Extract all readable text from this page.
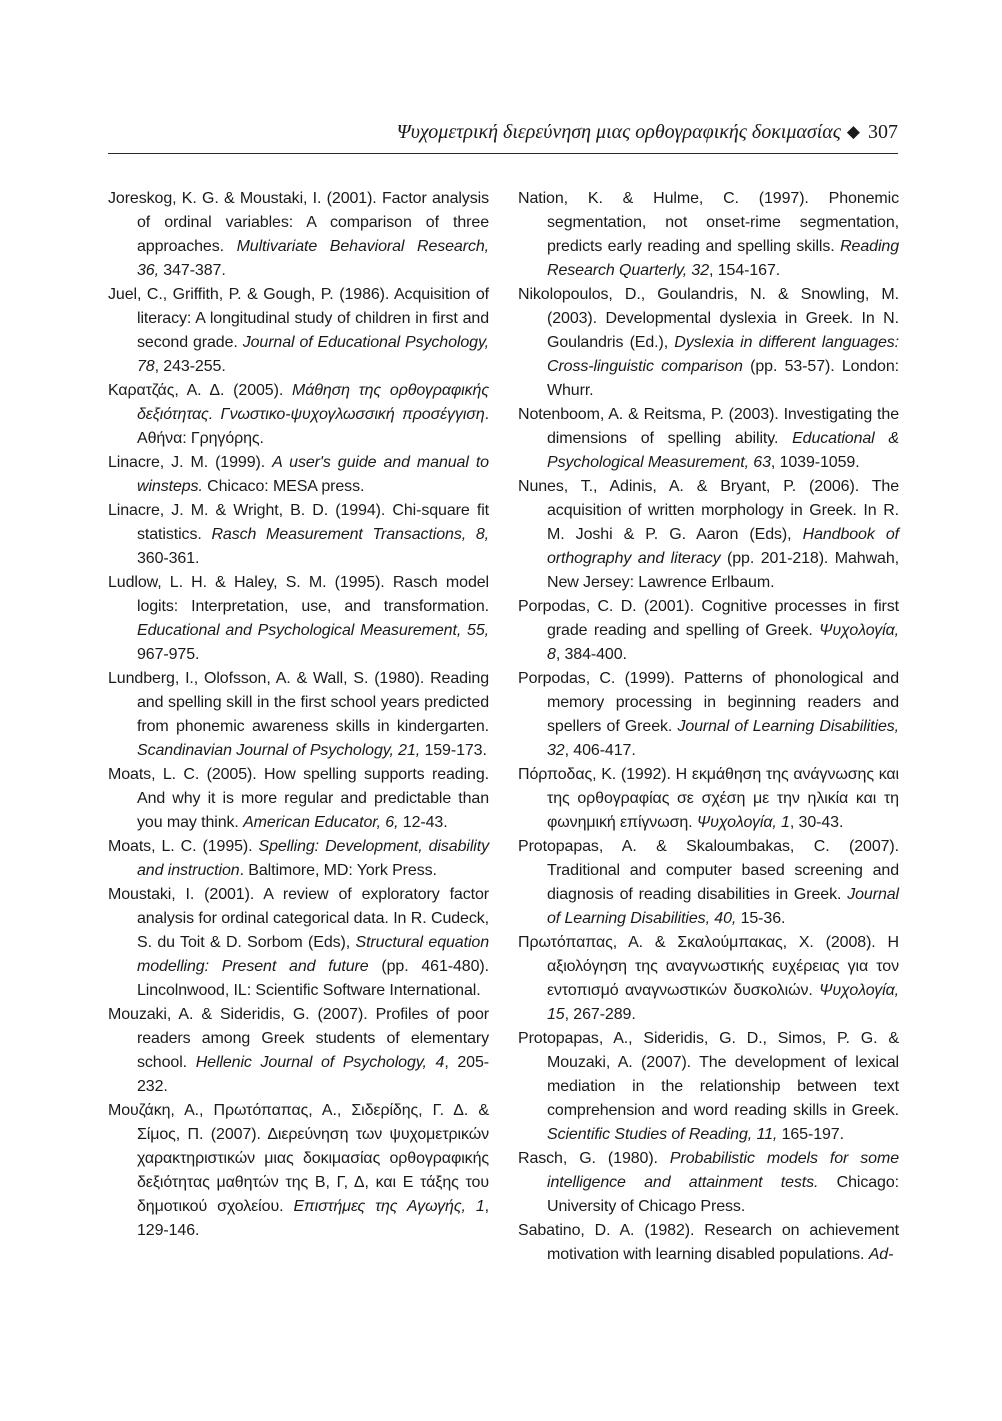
Ψυχομετρική διερεύνηση μιας ορθογραφικής δοκιμασίας ◆ 307

Joreskog, K. G. & Moustaki, I. (2001). Factor analysis of ordinal variables: A comparison of three approaches. Multivariate Behavioral Research, 36, 347-387.

Juel, C., Griffith, P. & Gough, P. (1986). Acquisition of literacy: A longitudinal study of children in first and second grade. Journal of Educational Psychology, 78, 243-255.

Καρατζάς, Α. Δ. (2005). Μάθηση της ορθογραφικής δεξιότητας. Γνωστικο-ψυχογλωσσική προσέγγιση. Αθήνα: Γρηγόρης.

Linacre, J. M. (1999). A user's guide and manual to winsteps. Chicaco: MESA press.

Linacre, J. M. & Wright, B. D. (1994). Chi-square fit statistics. Rasch Measurement Transactions, 8, 360-361.

Ludlow, L. H. & Haley, S. M. (1995). Rasch model logits: Interpretation, use, and transformation. Educational and Psychological Measurement, 55, 967-975.

Lundberg, I., Olofsson, A. & Wall, S. (1980). Reading and spelling skill in the first school years predicted from phonemic awareness skills in kindergarten. Scandinavian Journal of Psychology, 21, 159-173.

Moats, L. C. (2005). How spelling supports reading. And why it is more regular and predictable than you may think. American Educator, 6, 12-43.

Moats, L. C. (1995). Spelling: Development, disability and instruction. Baltimore, MD: York Press.

Moustaki, I. (2001). A review of exploratory factor analysis for ordinal categorical data. In R. Cudeck, S. du Toit & D. Sorbom (Eds), Structural equation modelling: Present and future (pp. 461-480). Lincolnwood, IL: Scientific Software International.

Mouzaki, A. & Sideridis, G. (2007). Profiles of poor readers among Greek students of elementary school. Hellenic Journal of Psychology, 4, 205-232.

Μουζάκη, Α., Πρωτόπαπας, Α., Σιδερίδης, Γ. Δ. & Σίμος, Π. (2007). Διερεύνηση των ψυχομετρικών χαρακτηριστικών μιας δοκιμασίας ορθογραφικής δεξιότητας μαθητών της Β, Γ, Δ, και Ε τάξης του δημοτικού σχολείου. Επιστήμες της Αγωγής, 1, 129-146.

Nation, K. & Hulme, C. (1997). Phonemic segmentation, not onset-rime segmentation, predicts early reading and spelling skills. Reading Research Quarterly, 32, 154-167.

Nikolopoulos, D., Goulandris, N. & Snowling, M. (2003). Developmental dyslexia in Greek. In N. Goulandris (Ed.), Dyslexia in different languages: Cross-linguistic comparison (pp. 53-57). London: Whurr.

Notenboom, A. & Reitsma, P. (2003). Investigating the dimensions of spelling ability. Educational & Psychological Measurement, 63, 1039-1059.

Nunes, T., Adinis, A. & Bryant, P. (2006). The acquisition of written morphology in Greek. In R. M. Joshi & P. G. Aaron (Eds), Handbook of orthography and literacy (pp. 201-218). Mahwah, New Jersey: Lawrence Erlbaum.

Porpodas, C. D. (2001). Cognitive processes in first grade reading and spelling of Greek. Ψυχολογία, 8, 384-400.

Porpodas, C. (1999). Patterns of phonological and memory processing in beginning readers and spellers of Greek. Journal of Learning Disabilities, 32, 406-417.

Πόρποδας, Κ. (1992). Η εκμάθηση της ανάγνωσης και της ορθογραφίας σε σχέση με την ηλικία και τη φωνημική επίγνωση. Ψυχολογία, 1, 30-43.

Protopapas, A. & Skaloumbakas, C. (2007). Traditional and computer based screening and diagnosis of reading disabilities in Greek. Journal of Learning Disabilities, 40, 15-36.

Πρωτόπαπας, Α. & Σκαλούμπακας, Χ. (2008). Η αξιολόγηση της αναγνωστικής ευχέρειας για τον εντοπισμό αναγνωστικών δυσκολιών. Ψυχολογία, 15, 267-289.

Protopapas, A., Sideridis, G. D., Simos, P. G. & Mouzaki, A. (2007). The development of lexical mediation in the relationship between text comprehension and word reading skills in Greek. Scientific Studies of Reading, 11, 165-197.

Rasch, G. (1980). Probabilistic models for some intelligence and attainment tests. Chicago: University of Chicago Press.

Sabatino, D. A. (1982). Research on achievement motivation with learning disabled populations. Ad-
